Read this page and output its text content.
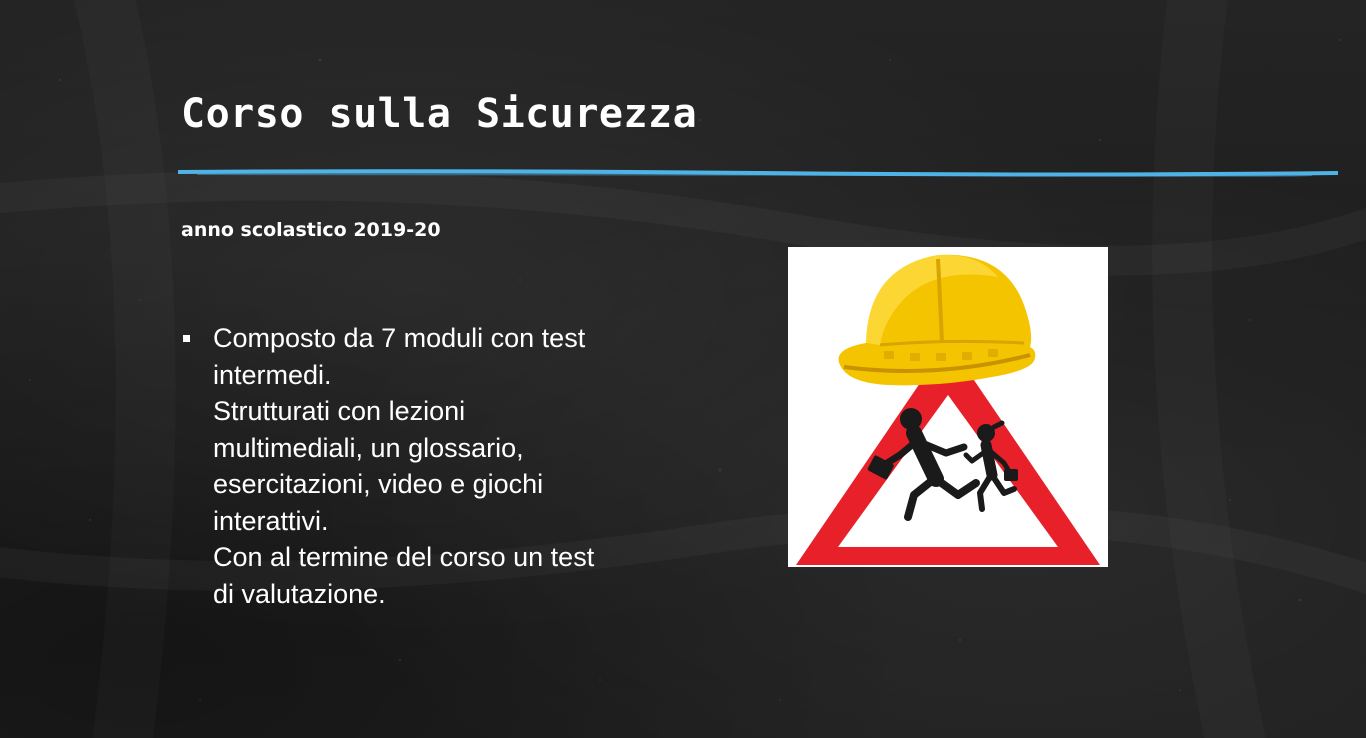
Corso sulla Sicurezza

anno scolastico 2019-20

Composto da 7 moduli con test
intermedi.
Strutturati con lezioni
multimediali, un glossario,
esercitazioni, video e giochi
interattivi.
Con al termine del corso un test
di valutazione.
